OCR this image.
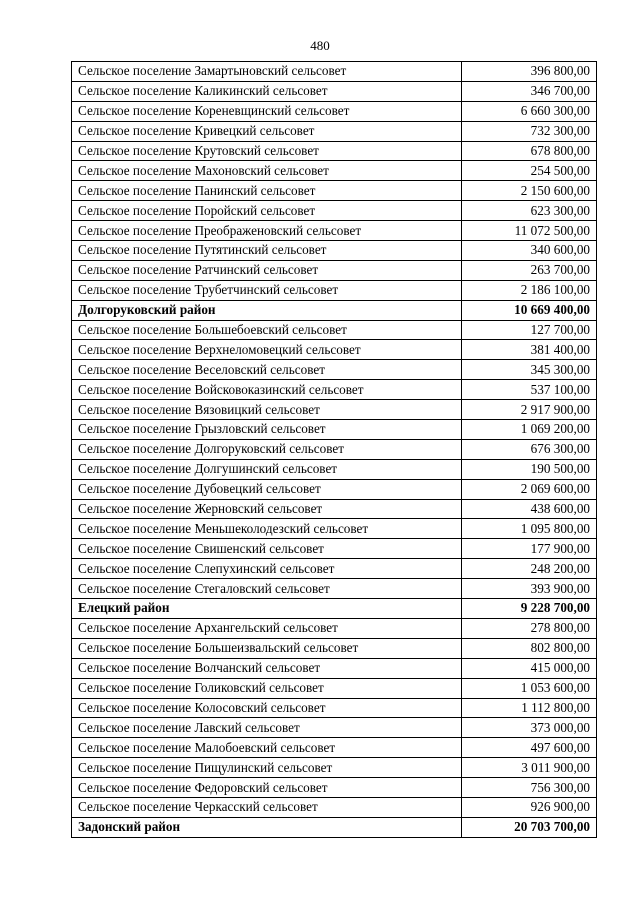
480
Сельское поселение Замартыновский сельсовет	396 800,00
Сельское поселение Каликинский сельсовет	346 700,00
Сельское поселение Кореневщинский сельсовет	6 660 300,00
Сельское поселение Кривецкий сельсовет	732 300,00
Сельское поселение Крутовский сельсовет	678 800,00
Сельское поселение Махоновский сельсовет	254 500,00
Сельское поселение Панинский сельсовет	2 150 600,00
Сельское поселение Поройский сельсовет	623 300,00
Сельское поселение Преображеновский сельсовет	11 072 500,00
Сельское поселение Путятинский сельсовет	340 600,00
Сельское поселение Ратчинский сельсовет	263 700,00
Сельское поселение Трубетчинский сельсовет	2 186 100,00
Долгоруковский район	10 669 400,00
Сельское поселение Большебоевский сельсовет	127 700,00
Сельское поселение Верхнеломовецкий сельсовет	381 400,00
Сельское поселение Веселовский сельсовет	345 300,00
Сельское поселение Войсковоказинский сельсовет	537 100,00
Сельское поселение Вязовицкий сельсовет	2 917 900,00
Сельское поселение Грызловский сельсовет	1 069 200,00
Сельское поселение Долгоруковский сельсовет	676 300,00
Сельское поселение Долгушинский сельсовет	190 500,00
Сельское поселение Дубовецкий сельсовет	2 069 600,00
Сельское поселение Жерновский сельсовет	438 600,00
Сельское поселение Меньшеколодезский сельсовет	1 095 800,00
Сельское поселение Свишенский сельсовет	177 900,00
Сельское поселение Слепухинский сельсовет	248 200,00
Сельское поселение Стегаловский сельсовет	393 900,00
Елецкий район	9 228 700,00
Сельское поселение Архангельский сельсовет	278 800,00
Сельское поселение Большеизвальский сельсовет	802 800,00
Сельское поселение Волчанский сельсовет	415 000,00
Сельское поселение Голиковский сельсовет	1 053 600,00
Сельское поселение Колосовский сельсовет	1 112 800,00
Сельское поселение Лавский сельсовет	373 000,00
Сельское поселение Малобоевский сельсовет	497 600,00
Сельское поселение Пищулинский сельсовет	3 011 900,00
Сельское поселение Федоровский сельсовет	756 300,00
Сельское поселение Черкасский сельсовет	926 900,00
Задонский район	20 703 700,00
